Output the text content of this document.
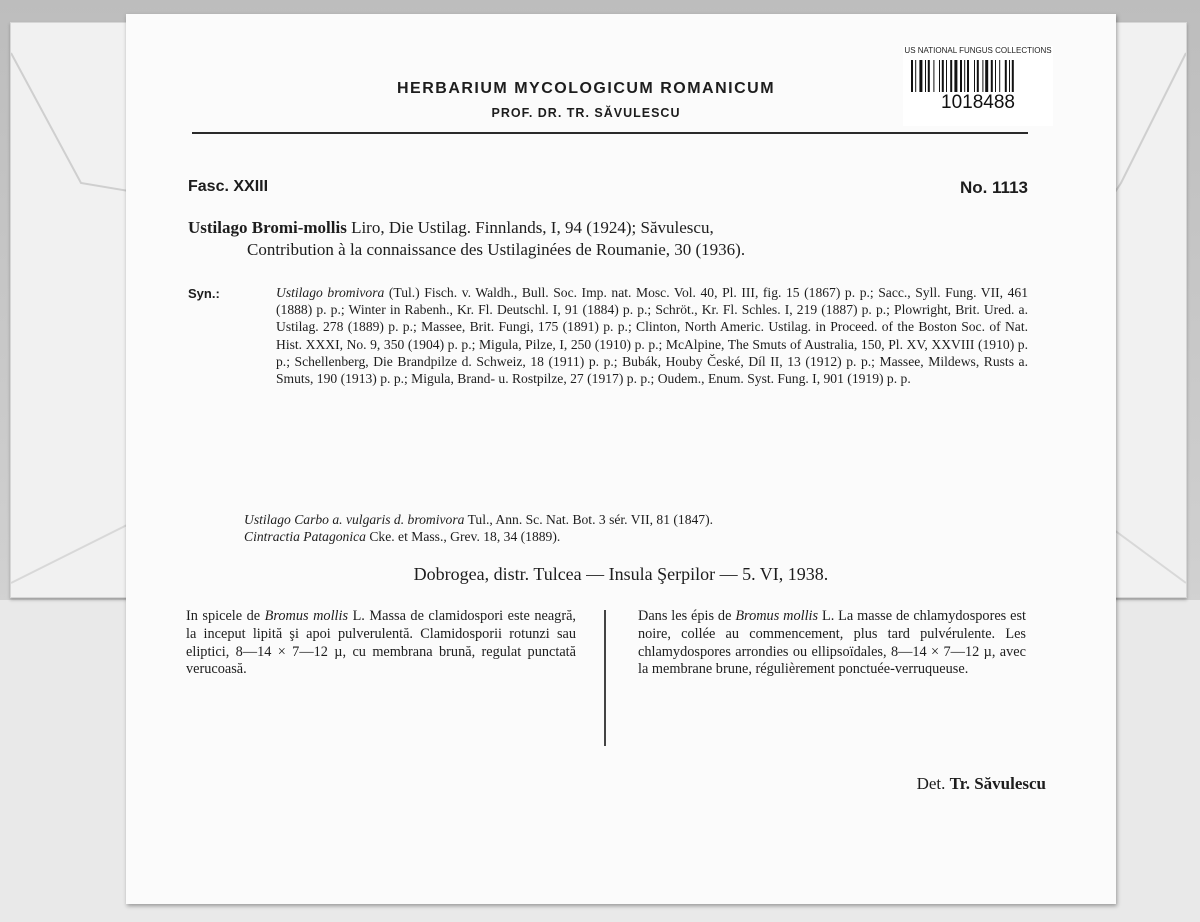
US NATIONAL FUNGUS COLLECTIONS
1018488
HERBARIUM MYCOLOGICUM ROMANICUM
PROF. DR. TR. SĂVULESCU
Fasc. XXIII	No. 1113
Ustilago Bromi-mollis Liro, Die Ustilag. Finnlands, I, 94 (1924); Săvulescu,
Contribution à la connaissance des Ustilaginées de Roumanie, 30 (1936).
Syn.:	Ustilago bromivora (Tul.) Fisch. v. Waldh., Bull. Soc. Imp. nat. Mosc. Vol. 40, Pl. III, fig. 15 (1867) p. p.; Sacc., Syll. Fung. VII, 461 (1888) p. p.; Winter in Rabenh., Kr. Fl. Deutschl. I, 91 (1884) p. p.; Schröt., Kr. Fl. Schles. I, 219 (1887) p. p.; Plowright, Brit. Ured. a. Ustilag. 278 (1889) p. p.; Massee, Brit. Fungi, 175 (1891) p. p.; Clinton, North Americ. Ustilag. in Proceed. of the Boston Soc. of Nat. Hist. XXXI, No. 9, 350 (1904) p. p.; Migula, Pilze, I, 250 (1910) p. p.; McAlpine, The Smuts of Australia, 150, Pl. XV, XXVIII (1910) p. p.; Schellenberg, Die Brandpilze d. Schweiz, 18 (1911) p. p.; Bubák, Houby České, Díl II, 13 (1912) p. p.; Massee, Mildews, Rusts a. Smuts, 190 (1913) p. p.; Migula, Brand- u. Rostpilze, 27 (1917) p. p.; Oudem., Enum. Syst. Fung. I, 901 (1919) p. p.
Ustilago Carbo a. vulgaris d. bromivora Tul., Ann. Sc. Nat. Bot. 3 sér. VII, 81 (1847).
Cintractia Patagonica Cke. et Mass., Grev. 18, 34 (1889).
Dobrogea, distr. Tulcea — Insula Şerpilor — 5. VI, 1938.
In spicele de Bromus mollis L. Massa de clamidospori este neagră, la inceput lipită şi apoi pulverulentă. Clamidosporii rotunzi sau eliptici, 8—14 × 7—12 µ, cu membrana brună, regulat punctată verucoasă.
Dans les épis de Bromus mollis L. La masse de chlamydospores est noire, collée au commencement, plus tard pulvérulente. Les chlamydospores arrondies ou ellipsoïdales, 8—14 × 7—12 µ, avec la membrane brune, régulièrement ponctuée-verruqueuse.
Det. Tr. Săvulescu
